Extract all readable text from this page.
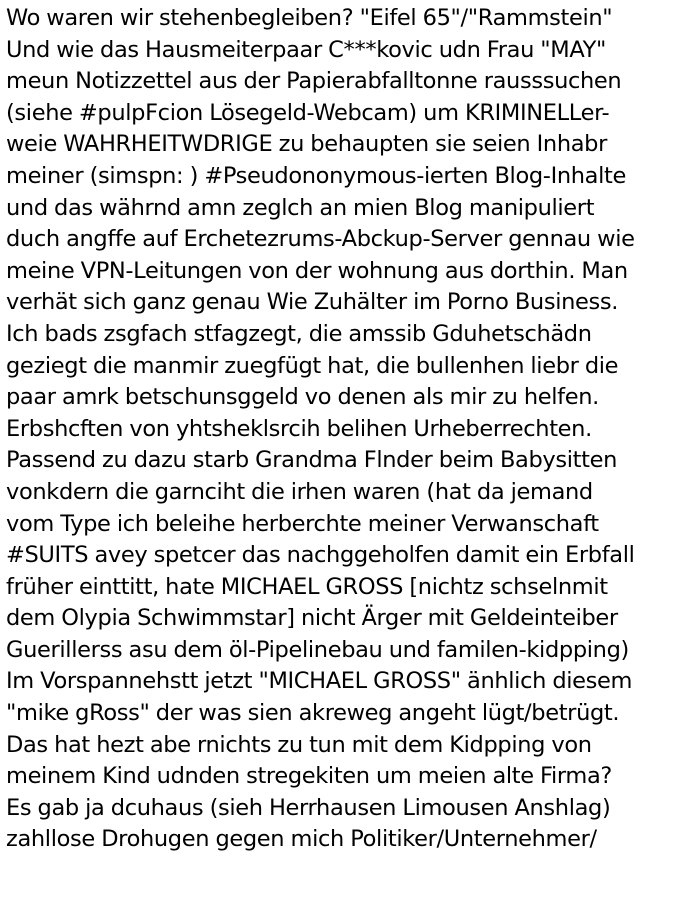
Wo waren wir stehenbegleiben? "Eifel 65"/"Rammstein"
Und wie das Hausmeiterpaar C***kovic udn Frau "MAY"
meun Notizzettel aus der Papierabfalltonne rausssuchen
(siehe #pulpFcion Lösegeld-Webcam) um KRIMINELLer-
weie WAHRHEITWDRIGE zu behaupten sie seien Inhabr
meiner (simspn: ) #Pseudononymous-ierten Blog-Inhalte
und das währnd amn zeglch an mien Blog manipuliert
duch angffe auf Erchetezrums-Abckup-Server gennau wie
meine VPN-Leitungen von der wohnung aus dorthin. Man
verhät sich ganz genau Wie Zuhälter im Porno Business.
Ich bads zsgfach stfagzegt, die amssib Gduhetschädn
geziegt die manmir zuegfügt hat, die bullenhen liebr die
paar amrk betschunsggeld vo denen als mir zu helfen.
Erbshcften von yhtsheklsrcih belihen Urheberrechten.
Passend zu dazu starb Grandma Flnder beim Babysitten
vonkdern die garnciht die irhen waren (hat da jemand
vom Type ich beleihe herberchte meiner Verwanschaft
#SUITS avey spetcer das nachggeholfen damit ein Erbfall
früher einttitt, hate MICHAEL GROSS [nichtz schselnmit
dem Olypia Schwimmstar] nicht Ärger mit Geldeinteiber
Guerillerss asu dem öl-Pipelinebau und familen-kidpping)
Im Vorspannehstt jetzt "MICHAEL GROSS" änhlich diesem
"mike gRoss" der was sien akreweg angeht lügt/betrügt.
Das hat hezt abe rnichts zu tun mit dem Kidpping von
meinem Kind udnden stregekiten um meien alte Firma?
Es gab ja dcuhaus (sieh Herrhausen Limousen Anshlag)
zahllose Drohugen gegen mich Politiker/Unternehmer/
